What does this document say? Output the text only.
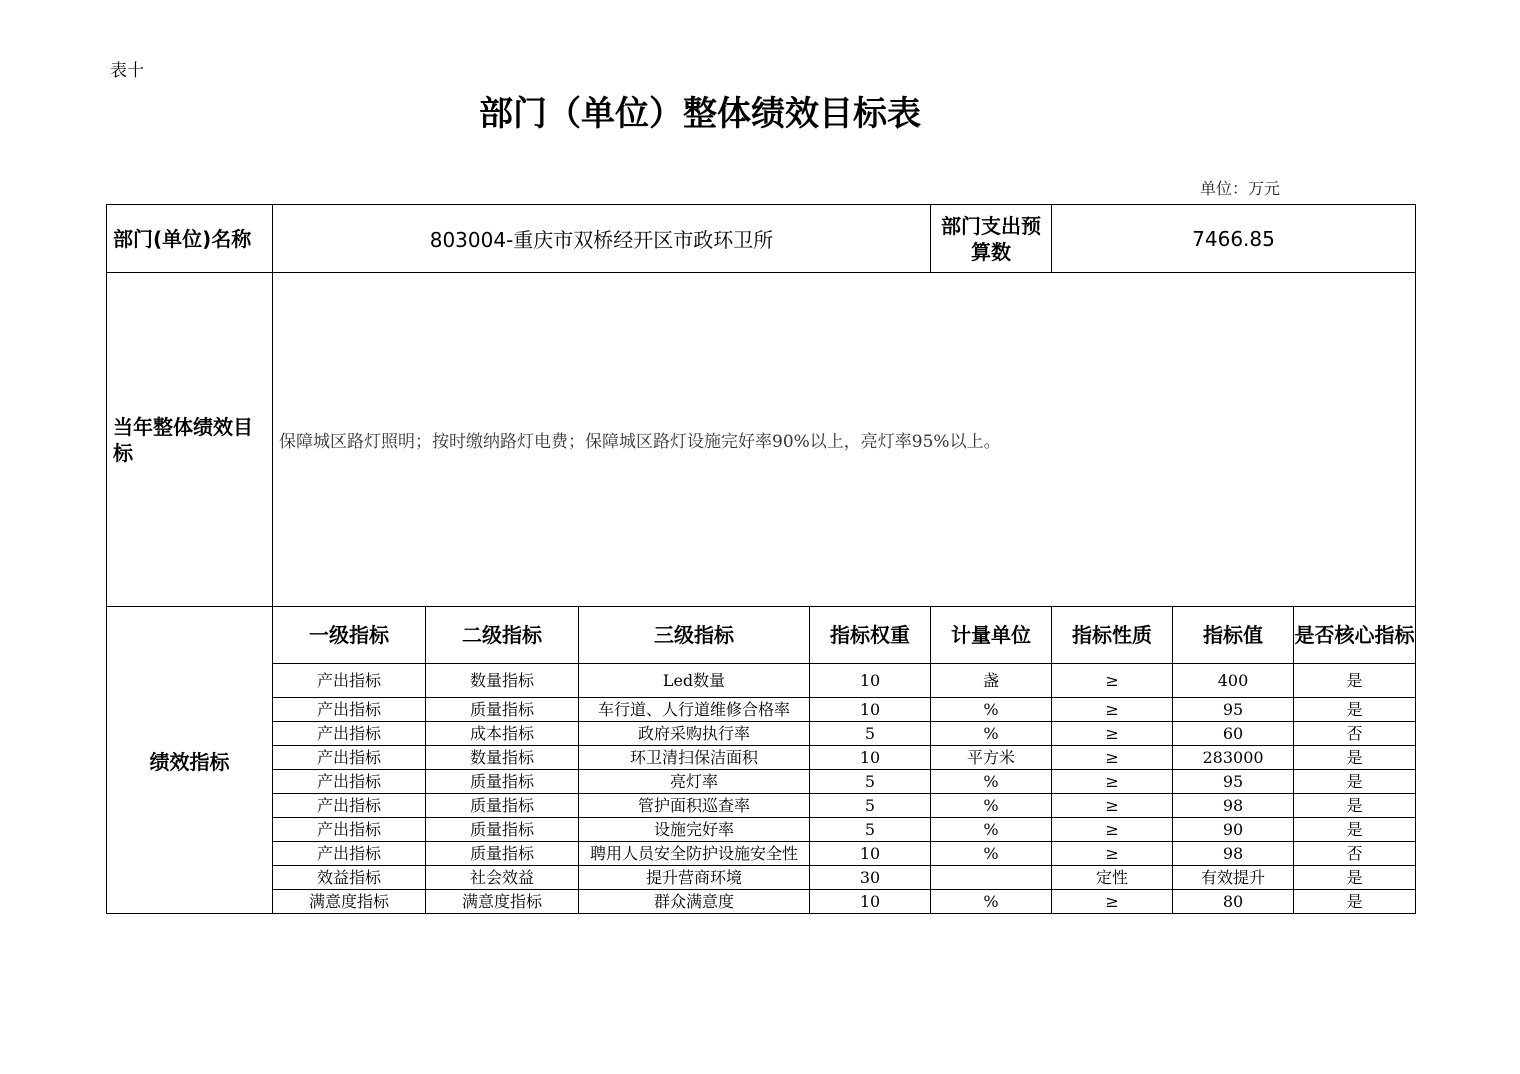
表十
部门（单位）整体绩效目标表
单位：万元
部门(单位)名称	803004-重庆市双桥经开区市政环卫所				部门支出预算数	7466.85		
当年整体绩效目标	保障城区路灯照明；按时缴纳路灯电费；保障城区路灯设施完好率90%以上，亮灯率95%以上。							
绩效指标	一级指标	二级指标	三级指标	指标权重	计量单位	指标性质	指标值	是否核心指标
	产出指标	数量指标	Led数量	10	盏	≥	400	是
	产出指标	质量指标	车行道、人行道维修合格率	10	%	≥	95	是
	产出指标	成本指标	政府采购执行率	5	%	≥	60	否
	产出指标	数量指标	环卫清扫保洁面积	10	平方米	≥	283000	是
	产出指标	质量指标	亮灯率	5	%	≥	95	是
	产出指标	质量指标	管护面积巡查率	5	%	≥	98	是
	产出指标	质量指标	设施完好率	5	%	≥	90	是
	产出指标	质量指标	聘用人员安全防护设施安全性	10	%	≥	98	否
	效益指标	社会效益	提升营商环境	30		定性	有效提升	是
	满意度指标	满意度指标	群众满意度	10	%	≥	80	是
